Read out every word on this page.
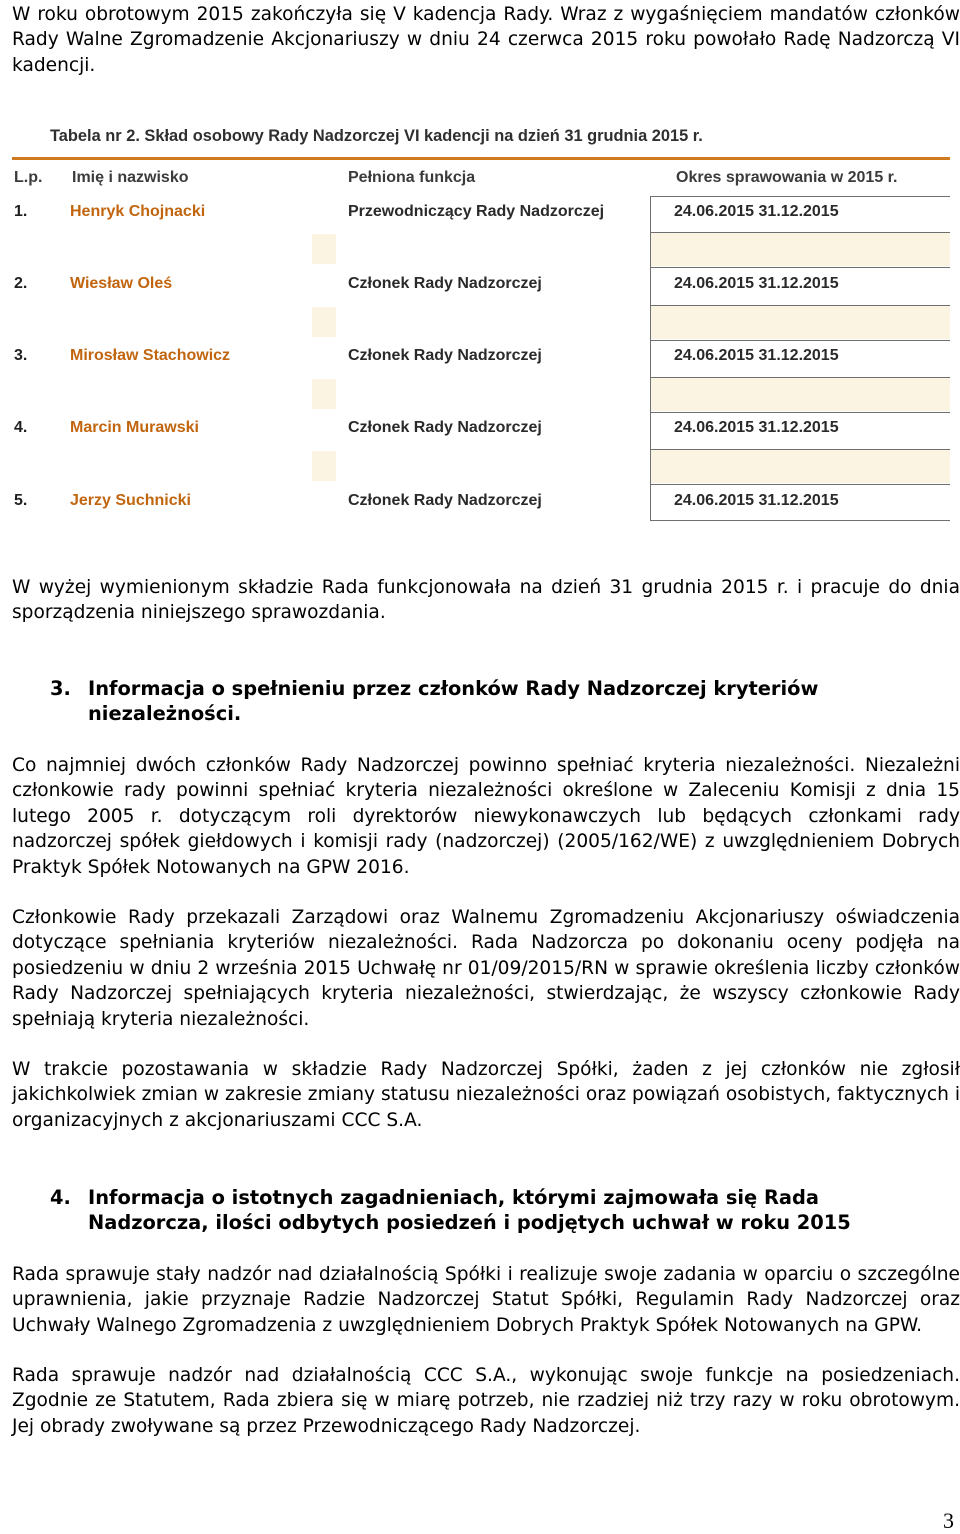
W roku obrotowym 2015 zakończyła się V kadencja Rady. Wraz z wygaśnięciem mandatów członków Rady Walne Zgromadzenie Akcjonariuszy w dniu 24 czerwca 2015 roku powołało Radę Nadzorczą VI kadencji.
Tabela nr 2. Skład osobowy Rady Nadzorczej VI kadencji na dzień 31 grudnia 2015 r.
L.p. Imię i nazwisko	Pełniona funkcja	Okres sprawowania w 2015 r.
1.	Henryk Chojnacki	Przewodniczący Rady Nadzorczej	24.06.2015 31.12.2015
2.	Wiesław Oleś	Członek Rady Nadzorczej	24.06.2015 31.12.2015
3.	Mirosław Stachowicz	Członek Rady Nadzorczej	24.06.2015 31.12.2015
4.	Marcin Murawski	Członek Rady Nadzorczej	24.06.2015 31.12.2015
5.	Jerzy Suchnicki	Członek Rady Nadzorczej	24.06.2015 31.12.2015
W wyżej wymienionym składzie Rada funkcjonowała na dzień 31 grudnia 2015 r. i pracuje do dnia sporządzenia niniejszego sprawozdania.
3. Informacja o spełnieniu przez członków Rady Nadzorczej kryteriów
niezależności.
Co najmniej dwóch członków Rady Nadzorczej powinno spełniać kryteria niezależności. Niezależni członkowie rady powinni spełniać kryteria niezależności określone w Zaleceniu Komisji z dnia 15 lutego 2005 r. dotyczącym roli dyrektorów niewykonawczych lub będących członkami rady nadzorczej spółek giełdowych i komisji rady (nadzorczej) (2005/162/WE) z uwzględnieniem Dobrych Praktyk Spółek Notowanych na GPW 2016.
Członkowie Rady przekazali Zarządowi oraz Walnemu Zgromadzeniu Akcjonariuszy oświadczenia dotyczące spełniania kryteriów niezależności. Rada Nadzorcza po dokonaniu oceny podjęła na posiedzeniu w dniu 2 września 2015 Uchwałę nr 01/09/2015/RN w sprawie określenia liczby członków Rady Nadzorczej spełniających kryteria niezależności, stwierdzając, że wszyscy członkowie Rady spełniają kryteria niezależności.
W trakcie pozostawania w składzie Rady Nadzorczej Spółki, żaden z jej członków nie zgłosił jakichkolwiek zmian w zakresie zmiany statusu niezależności oraz powiązań osobistych, faktycznych i organizacyjnych z akcjonariuszami CCC S.A.
4. Informacja o istotnych zagadnieniach, którymi zajmowała się Rada
Nadzorcza, ilości odbytych posiedzeń i podjętych uchwał w roku 2015
Rada sprawuje stały nadzór nad działalnością Spółki i realizuje swoje zadania w oparciu o szczególne uprawnienia, jakie przyznaje Radzie Nadzorczej Statut Spółki, Regulamin Rady Nadzorczej oraz Uchwały Walnego Zgromadzenia z uwzględnieniem Dobrych Praktyk Spółek Notowanych na GPW.
Rada sprawuje nadzór nad działalnością CCC S.A., wykonując swoje funkcje na posiedzeniach. Zgodnie ze Statutem, Rada zbiera się w miarę potrzeb, nie rzadziej niż trzy razy w roku obrotowym. Jej obrady zwoływane są przez Przewodniczącego Rady Nadzorczej.
3
